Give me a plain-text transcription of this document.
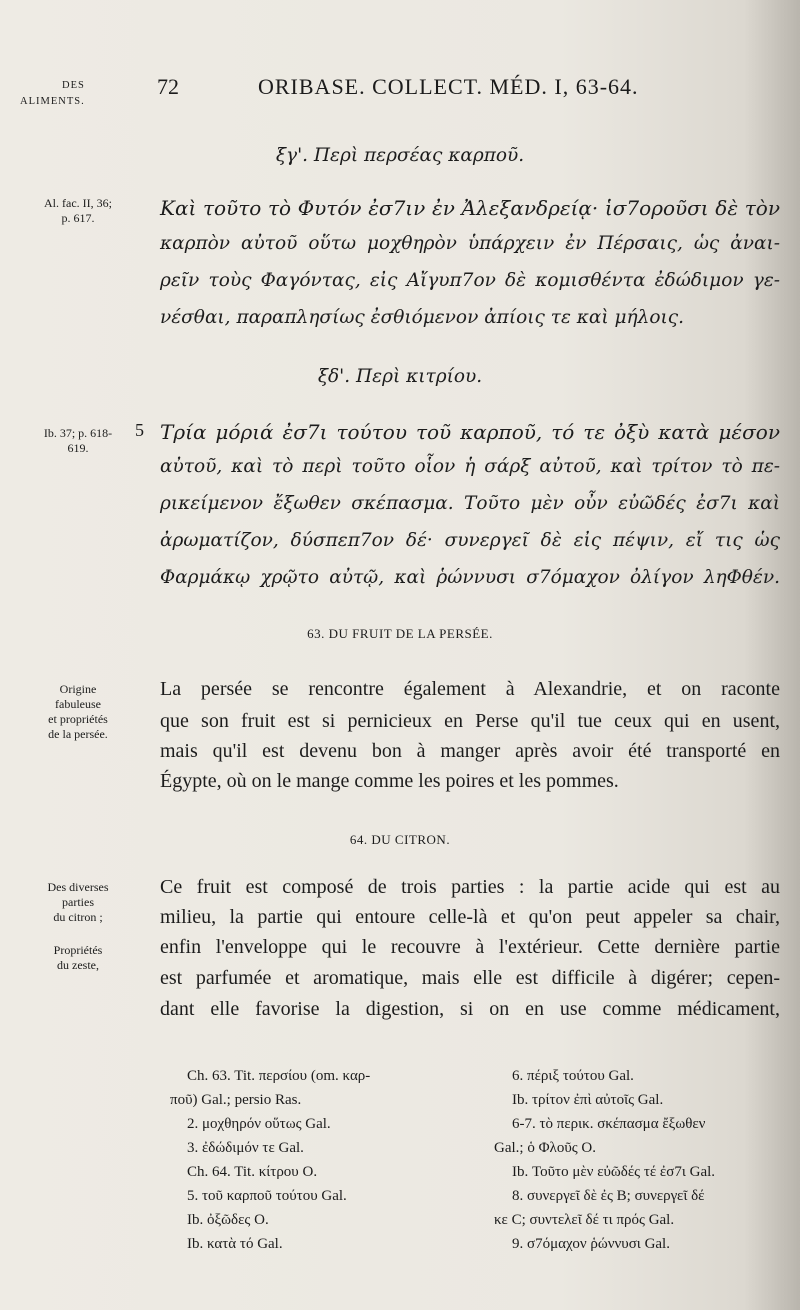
DES
ALIMENTS.
72	ORIBASE. COLLECT. MÉD. I, 63-64.
ξγ'. Περὶ περσέας καρποῦ.
Al. fac. II, 36;
p. 617.	Καὶ τοῦτο τὸ Φυτόν ἐσ7ιν ἐν Ἀλεξανδρείᾳ· ἱσ7οροῦσι δὲ τὸν
καρπὸν αὐτοῦ οὕτω μοχθηρὸν ὑπάρχειν ἐν Πέρσαις, ὡς ἀναι-
ρεῖν τοὺς Φαγόντας, εἰς Αἴγυπ7ον δὲ κομισθέντα ἐδώδιμον γε-
νέσθαι, παραπλησίως ἐσθιόμενον ἀπίοις τε καὶ μήλοις.
ξδ'. Περὶ κιτρίου.
Ib. 37; p. 618-
619.
5 Τρία μόριά ἐσ7ι τούτου τοῦ καρποῦ, τό τε ὀξὺ κατὰ μέσον
αὐτοῦ, καὶ τὸ περὶ τοῦτο οἷον ἡ σάρξ αὐτοῦ, καὶ τρίτον τὸ πε-
ρικείμενον ἔξωθεν σκέπασμα. Τοῦτο μὲν οὖν εὐῶδές ἐσ7ι καὶ
ἀρωματίζον, δύσπεπ7ον δέ· συνεργεῖ δὲ εἰς πέψιν, εἴ τις ὡς
Φαρμάκῳ χρῷτο αὐτῷ, καὶ ῥώννυσι σ7όμαχον ὀλίγον ληΦθέν.
63. DU FRUIT DE LA PERSÉE.
Origine
fabuleuse
et propriétés
de la persée.
La persée se rencontre également à Alexandrie, et on raconte
que son fruit est si pernicieux en Perse qu'il tue ceux qui en usent,
mais qu'il est devenu bon à manger après avoir été transporté en
Égypte, où on le mange comme les poires et les pommes.
64. DU CITRON.
Des diverses
parties
du citron ;
Propriétés
du zeste,
Ce fruit est composé de trois parties : la partie acide qui est au
milieu, la partie qui entoure celle-là et qu'on peut appeler sa chair,
enfin l'enveloppe qui le recouvre à l'extérieur. Cette dernière partie
est parfumée et aromatique, mais elle est difficile à digérer; cepen-
dant elle favorise la digestion, si on en use comme médicament,
Ch. 63. Tit. περσίου (om. καρ-
ποῦ) Gal.; persio Ras.
2. μοχθηρόν οὕτως Gal.
3. ἐδώδιμόν τε Gal.
Ch. 64. Tit. κίτρου O.
5. τοῦ καρποῦ τούτου Gal.
Ib. ὀξῶδες O.
Ib. κατὰ τό Gal.
6. πέριξ τούτου Gal.
Ib. τρίτον ἐπὶ αὐτοῖς Gal.
6-7. τὸ περικ. σκέπασμα ἔξωθεν
Gal.; ὁ Φλοῦς O.
Ib. Τοῦτο μὲν εὐῶδές τέ ἐσ7ι Gal.
8. συνεργεῖ δὲ ἐς B; συνεργεῖ δέ
κε C; συντελεῖ δέ τι πρός Gal.
9. σ7όμαχον ῥώννυσι Gal.
